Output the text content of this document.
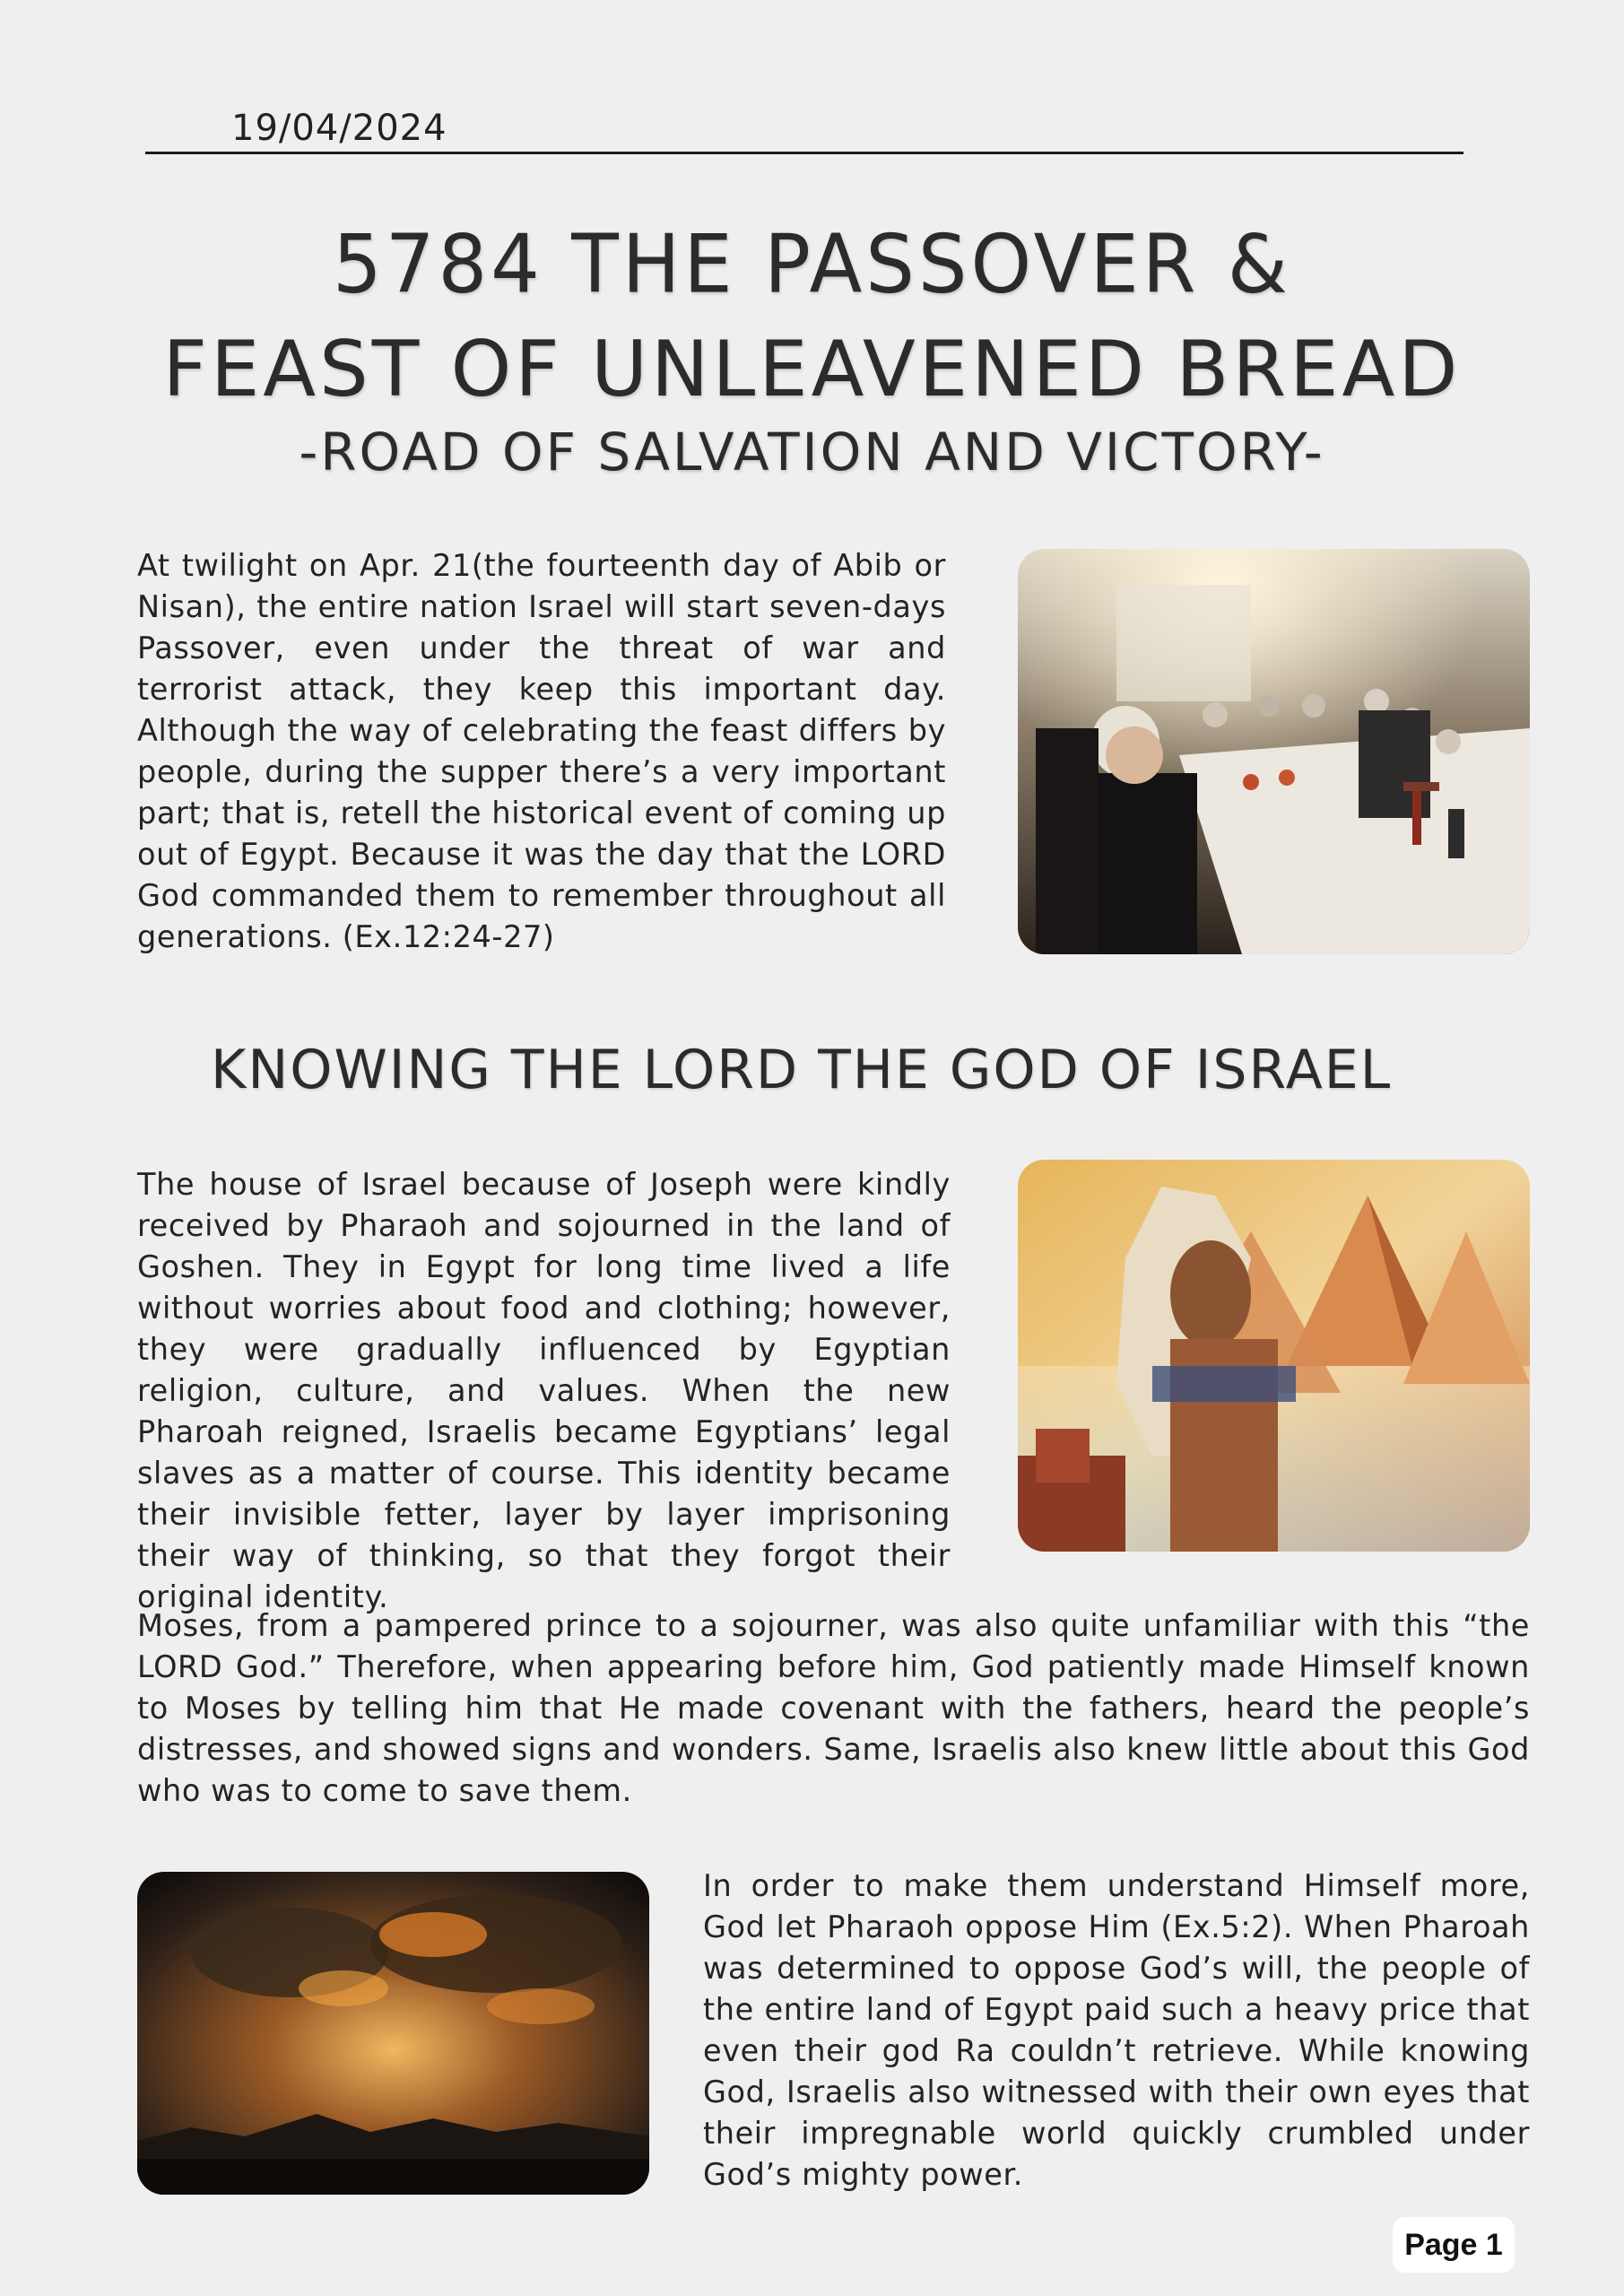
19/04/2024
5784 THE PASSOVER &
FEAST OF UNLEAVENED BREAD
-ROAD OF SALVATION AND VICTORY-
At twilight on Apr. 21(the fourteenth day of Abib or Nisan), the entire nation Israel will start seven-days Passover, even under the threat of war and terrorist attack, they keep this important day. Although the way of celebrating the feast differs by people, during the supper there’s a very important part; that is, retell the historical event of coming up out of Egypt. Because it was the day that the LORD God commanded them to remember throughout all generations. (Ex.12:24-27)
KNOWING THE LORD THE GOD OF ISRAEL
The house of Israel because of Joseph were kindly received by Pharaoh and sojourned in the land of Goshen. They in Egypt for long time lived a life without worries about food and clothing; however, they were gradually influenced by Egyptian religion, culture, and values. When the new Pharoah reigned, Israelis became Egyptians’ legal slaves as a matter of course. This identity became their invisible fetter, layer by layer imprisoning their way of thinking, so that they forgot their original identity.
Moses, from a pampered prince to a sojourner, was also quite unfamiliar with this “the LORD God.” Therefore, when appearing before him, God patiently made Himself known to Moses by telling him that He made covenant with the fathers, heard the people’s distresses, and showed signs and wonders. Same, Israelis also knew little about this God who was to come to save them.
In order to make them understand Himself more, God let Pharaoh oppose Him (Ex.5:2). When Pharoah was determined to oppose God’s will, the people of the entire land of Egypt paid such a heavy price that even their god Ra couldn’t retrieve. While knowing God, Israelis also witnessed with their own eyes that their impregnable world quickly crumbled under God’s mighty power.
Page 1
